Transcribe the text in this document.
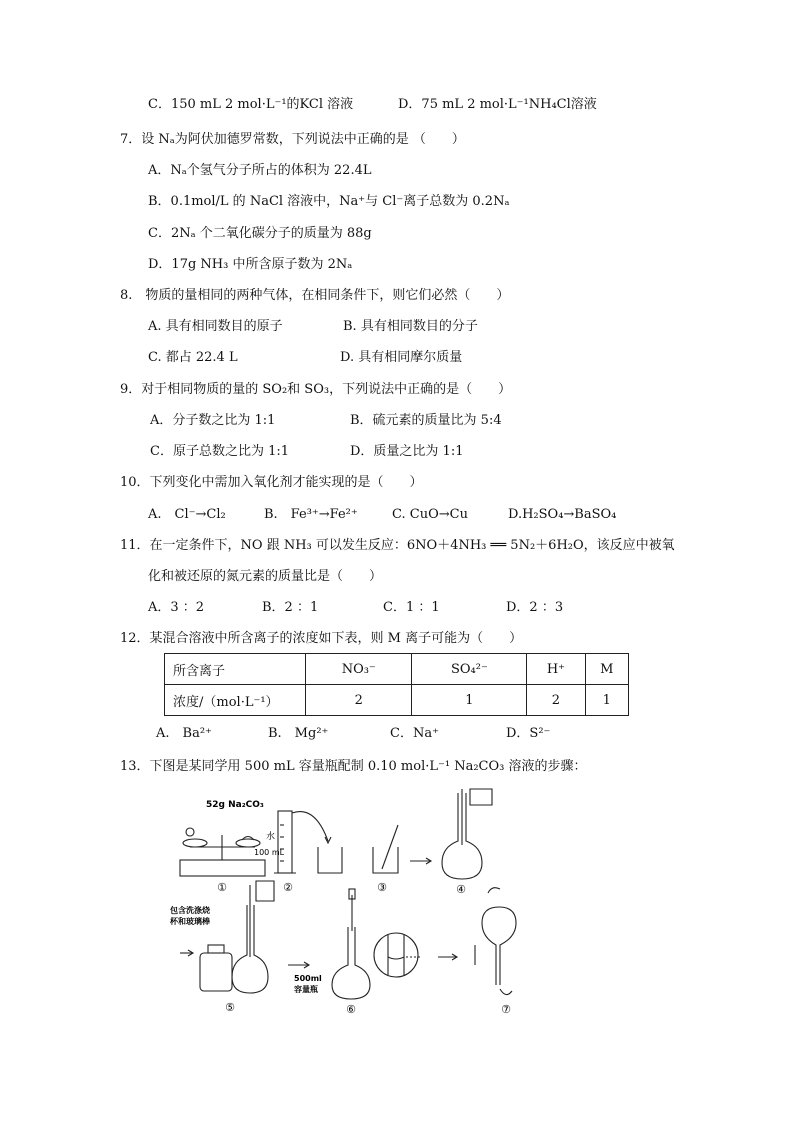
C．150 mL 2 mol·L⁻¹的KCl 溶液	D．75 mL 2 mol·L⁻¹NH₄Cl溶液
7．设 Nₐ为阿伏加德罗常数，下列说法中正确的是 （　　）
A．Nₐ个氢气分子所占的体积为 22.4L
B．0.1mol/L 的 NaCl 溶液中，Na⁺与 Cl⁻离子总数为 0.2Nₐ
C．2Nₐ 个二氧化碳分子的质量为 88g
D．17g NH₃ 中所含原子数为 2Nₐ
8.　物质的量相同的两种气体，在相同条件下，则它们必然（　　）
A. 具有相同数目的原子	B. 具有相同数目的分子
C. 都占 22.4 L	D. 具有相同摩尔质量
9．对于相同物质的量的 SO₂和 SO₃，下列说法中正确的是（　　）
A．分子数之比为 1:1	B．硫元素的质量比为 5:4
C．原子总数之比为 1:1	D．质量之比为 1:1
10．下列变化中需加入氧化剂才能实现的是（　　）
A.　Cl⁻→Cl₂	B.　Fe³⁺→Fe²⁺	C. CuO→Cu	D.H₂SO₄→BaSO₄
11．在一定条件下，NO 跟 NH₃ 可以发生反应：6NO＋4NH₃ ══ 5N₂＋6H₂O，该反应中被氧
化和被还原的氮元素的质量比是（　　）
A．3 ：2	B．2 ：1	C．1 ：1	D．2 ：3
12．某混合溶液中所含离子的浓度如下表，则 M 离子可能为（　　）
所含离子	NO₃⁻	SO₄²⁻	H⁺	M
浓度/（mol·L⁻¹）	2	1	2	1
A.　Ba²⁺	B.　Mg²⁺	C．Na⁺	D．S²⁻
13．下图是某同学用 500 mL 容量瓶配制 0.10 mol·L⁻¹ Na₂CO₃ 溶液的步骤：
52g Na₂CO₃
水
100 mL
包含洗涤烧
杯和玻璃棒
500ml
容量瓶
①	②	③	④
⑤	⑥	⑦
